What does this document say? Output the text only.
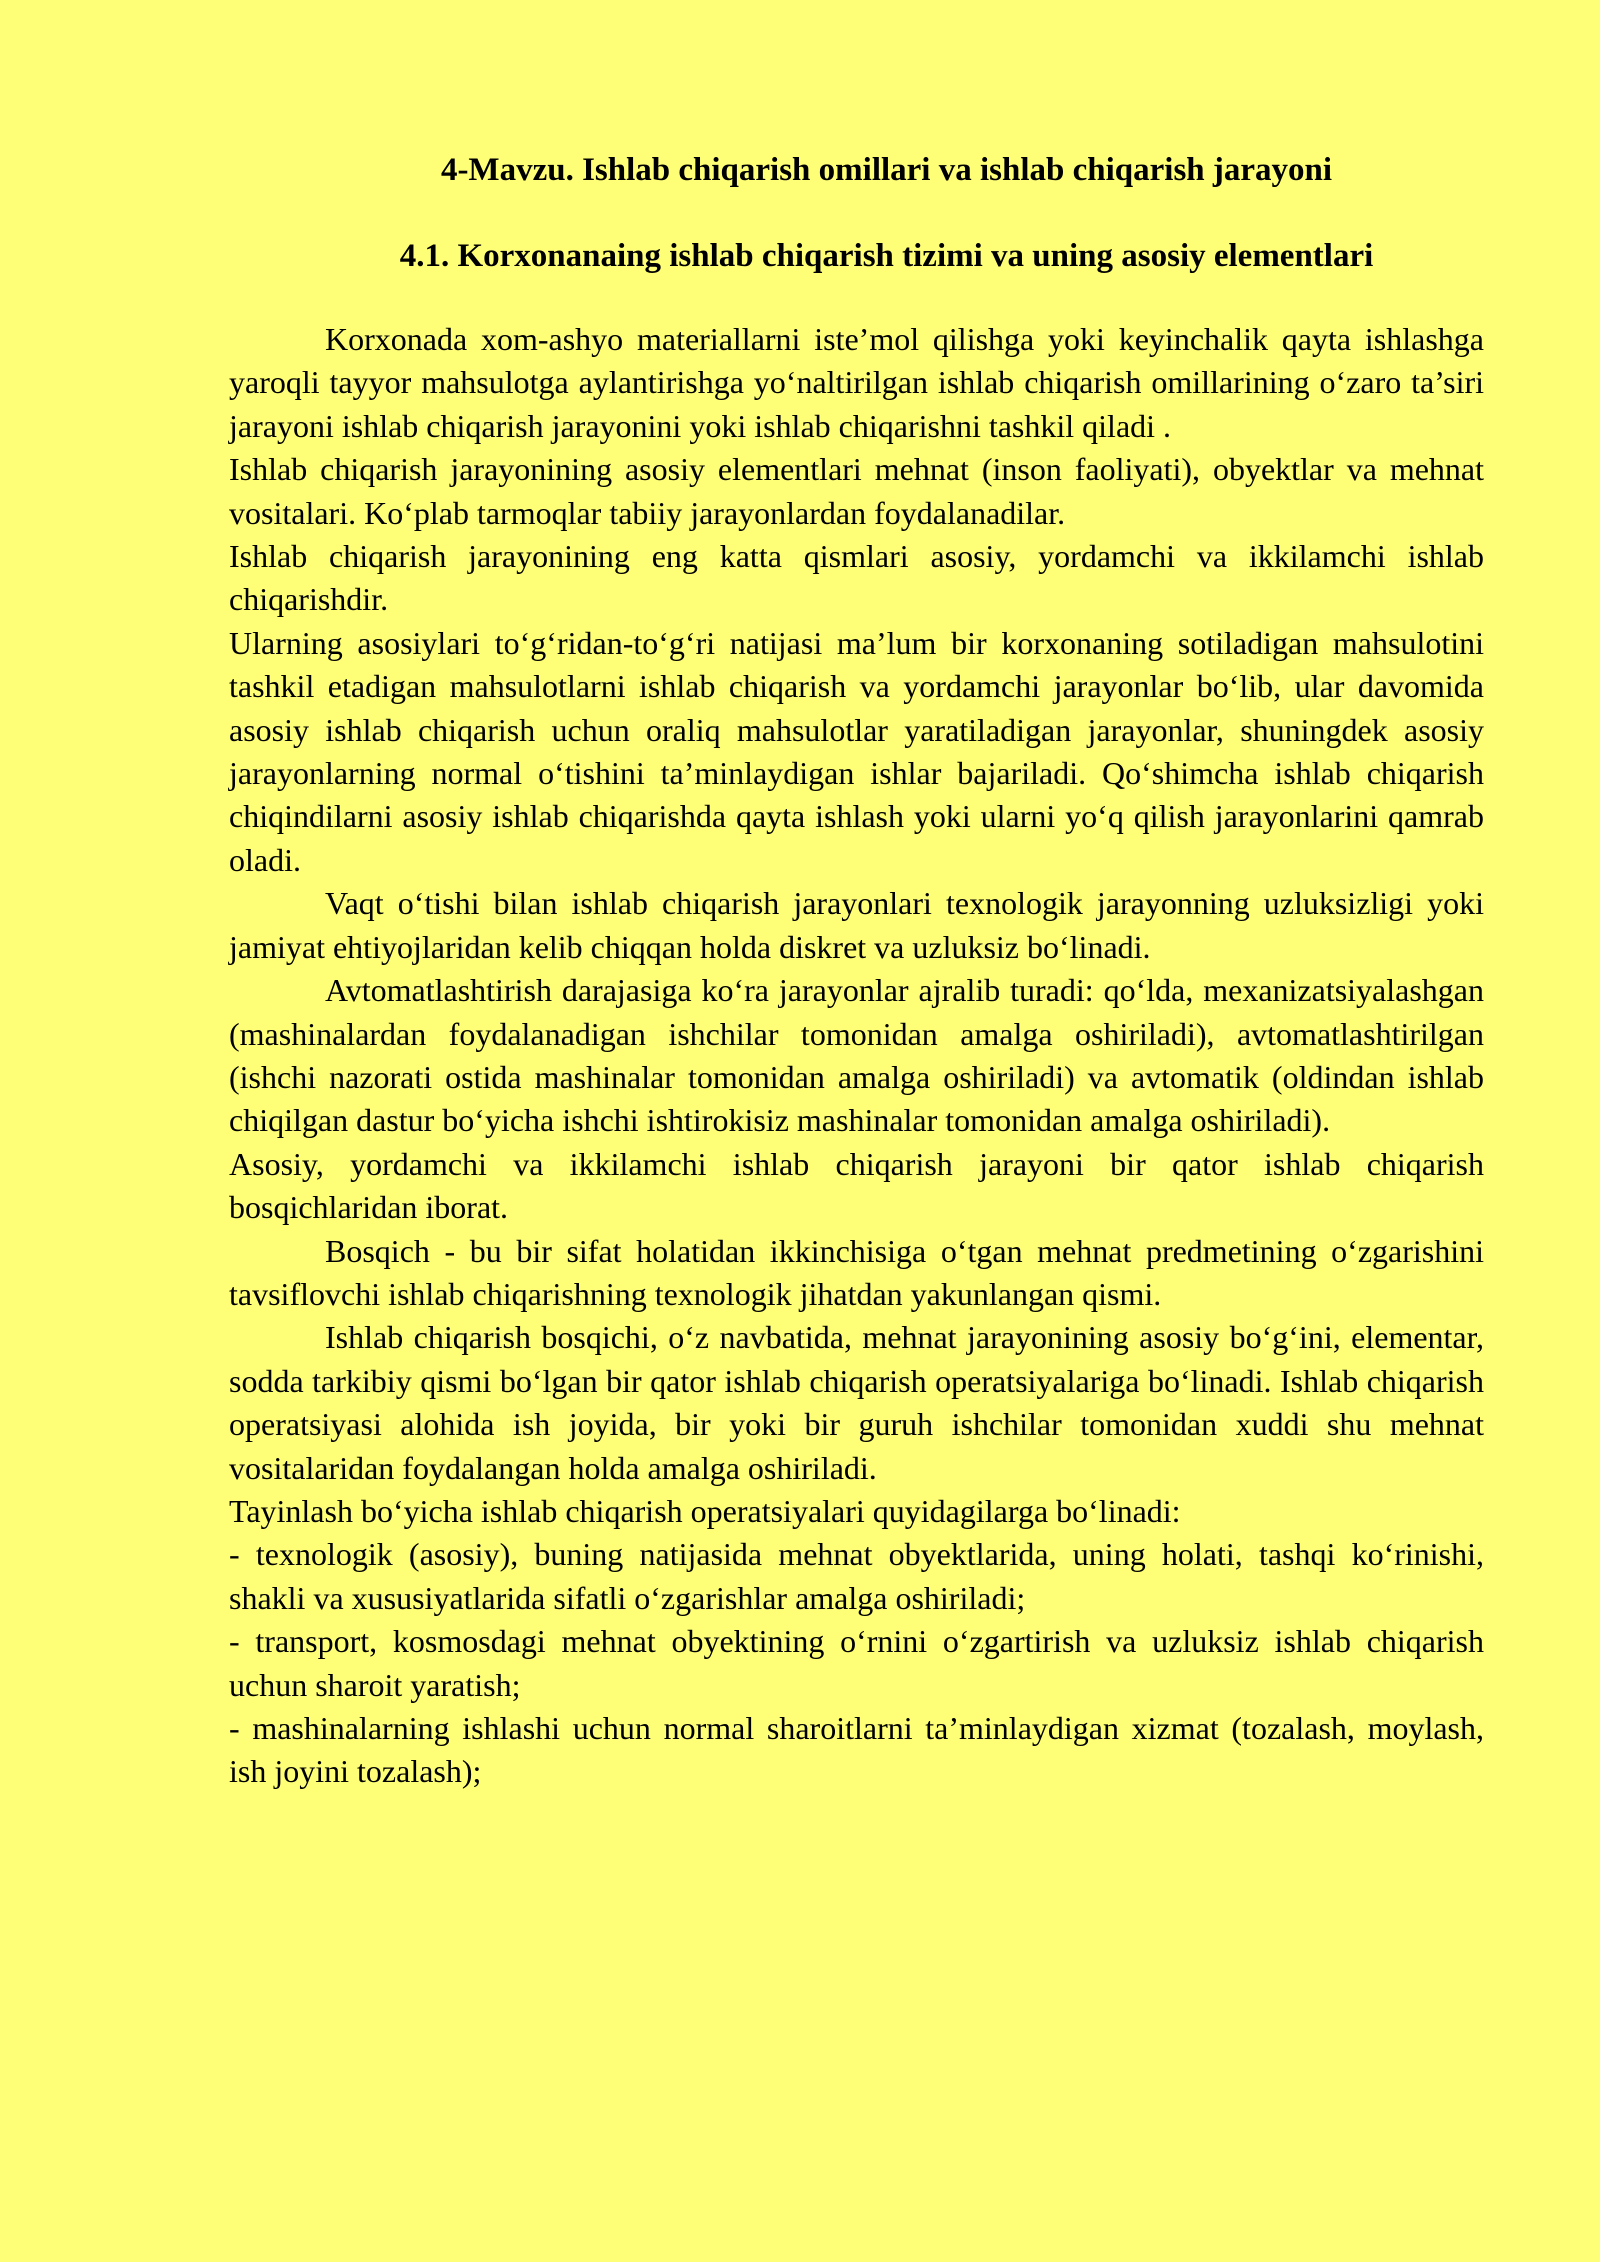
4-Mavzu. Ishlab chiqarish omillari va ishlab chiqarish jarayoni
4.1. Korxonanaing ishlab chiqarish tizimi va uning asosiy elementlari

Korxonada xom-ashyo materiallarni iste’mol qilishga yoki keyinchalik qayta ishlashga yaroqli tayyor mahsulotga aylantirishga yo‘naltirilgan ishlab chiqarish omillarining o‘zaro ta’siri jarayoni ishlab chiqarish jarayonini yoki ishlab chiqarishni tashkil qiladi .

Ishlab chiqarish jarayonining asosiy elementlari mehnat (inson faoliyati), obyektlar va mehnat vositalari. Ko‘plab tarmoqlar tabiiy jarayonlardan foydalanadilar.

Ishlab chiqarish jarayonining eng katta qismlari asosiy, yordamchi va ikkilamchi ishlab chiqarishdir.

Ularning asosiylari to‘g‘ridan-to‘g‘ri natijasi ma’lum bir korxonaning sotiladigan mahsulotini tashkil etadigan mahsulotlarni ishlab chiqarish va yordamchi jarayonlar bo‘lib, ular davomida asosiy ishlab chiqarish uchun oraliq mahsulotlar yaratiladigan jarayonlar, shuningdek asosiy jarayonlarning normal o‘tishini ta’minlaydigan ishlar bajariladi. Qo‘shimcha ishlab chiqarish chiqindilarni asosiy ishlab chiqarishda qayta ishlash yoki ularni yo‘q qilish jarayonlarini qamrab oladi.

Vaqt o‘tishi bilan ishlab chiqarish jarayonlari texnologik jarayonning uzluksizligi yoki jamiyat ehtiyojlaridan kelib chiqqan holda diskret va uzluksiz bo‘linadi.

Avtomatlashtirish darajasiga ko‘ra jarayonlar ajralib turadi: qo‘lda, mexanizatsiyalashgan (mashinalardan foydalanadigan ishchilar tomonidan amalga oshiriladi), avtomatlashtirilgan (ishchi nazorati ostida mashinalar tomonidan amalga oshiriladi) va avtomatik (oldindan ishlab chiqilgan dastur bo‘yicha ishchi ishtirokisiz mashinalar tomonidan amalga oshiriladi).

Asosiy, yordamchi va ikkilamchi ishlab chiqarish jarayoni bir qator ishlab chiqarish bosqichlaridan iborat.

Bosqich - bu bir sifat holatidan ikkinchisiga o‘tgan mehnat predmetining o‘zgarishini tavsiflovchi ishlab chiqarishning texnologik jihatdan yakunlangan qismi.

Ishlab chiqarish bosqichi, o‘z navbatida, mehnat jarayonining asosiy bo‘g‘ini, elementar, sodda tarkibiy qismi bo‘lgan bir qator ishlab chiqarish operatsiyalariga bo‘linadi. Ishlab chiqarish operatsiyasi alohida ish joyida, bir yoki bir guruh ishchilar tomonidan xuddi shu mehnat vositalaridan foydalangan holda amalga oshiriladi.

Tayinlash bo‘yicha ishlab chiqarish operatsiyalari quyidagilarga bo‘linadi:

- texnologik (asosiy), buning natijasida mehnat obyektlarida, uning holati, tashqi ko‘rinishi, shakli va xususiyatlarida sifatli o‘zgarishlar amalga oshiriladi;

- transport, kosmosdagi mehnat obyektining o‘rnini o‘zgartirish va uzluksiz ishlab chiqarish uchun sharoit yaratish;

- mashinalarning ishlashi uchun normal sharoitlarni ta’minlaydigan xizmat (tozalash, moylash, ish joyini tozalash);
